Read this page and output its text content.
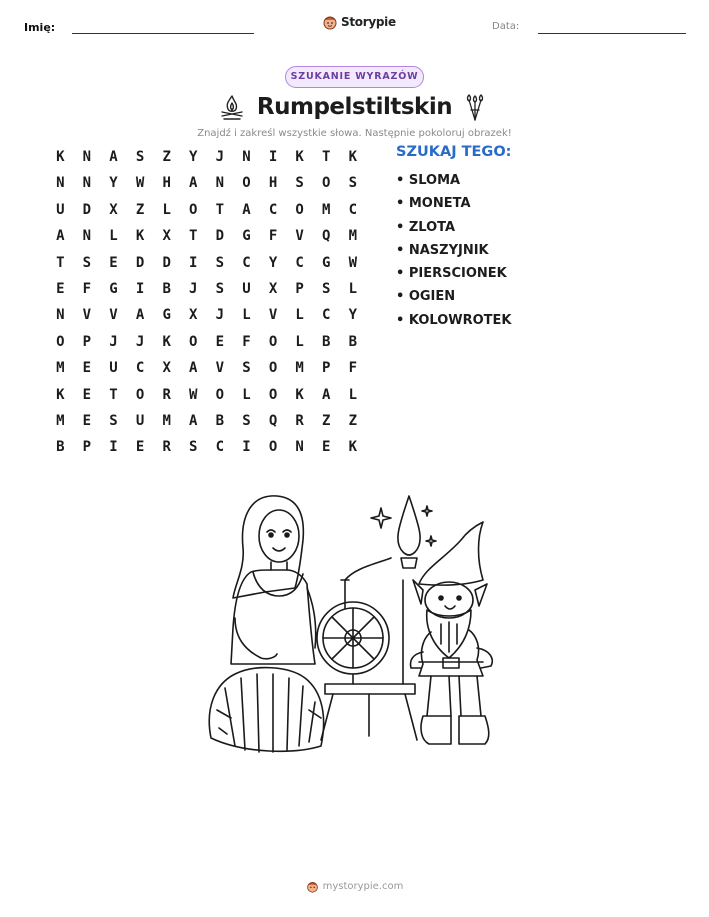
Imię:	Storypie	Data:
SZUKANIE WYRAZÓW
Rumpelstiltskin
Znajdź i zakreśl wszystkie słowa. Następnie pokoloruj obrazek!
K	N	A	S	Z	Y	J	N	I	K	T	K
N	N	Y	W	H	A	N	O	H	S	O	S
U	D	X	Z	L	O	T	A	C	O	M	C
A	N	L	K	X	T	D	G	F	V	Q	M
T	S	E	D	D	I	S	C	Y	C	G	W
E	F	G	I	B	J	S	U	X	P	S	L
N	V	V	A	G	X	J	L	V	L	C	Y
O	P	J	J	K	O	E	F	O	L	B	B
M	E	U	C	X	A	V	S	O	M	P	F
K	E	T	O	R	W	O	L	O	K	A	L
M	E	S	U	M	A	B	S	Q	R	Z	Z
B	P	I	E	R	S	C	I	O	N	E	K
SZUKAJ TEGO:
• SLOMA
• MONETA
• ZLOTA
• NASZYJNIK
• PIERSCIONEK
• OGIEN
• KOLOWROTEK
mystorypie.com
